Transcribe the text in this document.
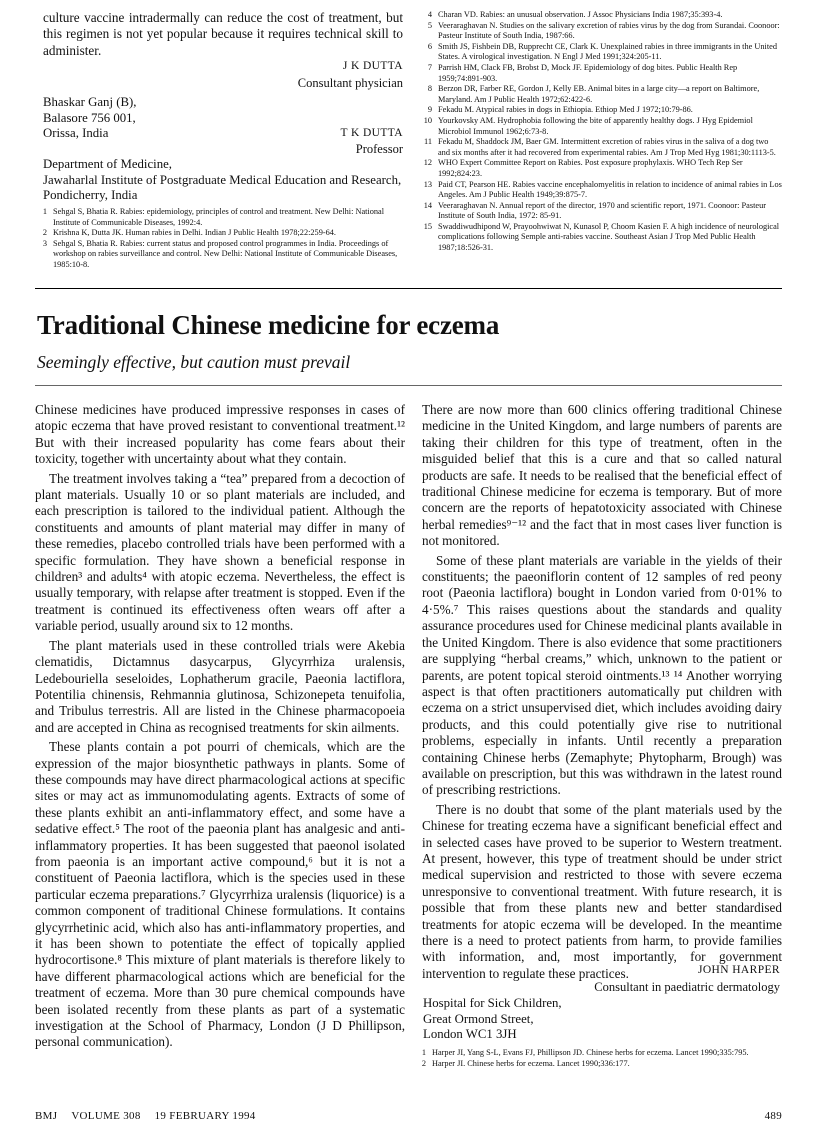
culture vaccine intradermally can reduce the cost of treatment, but this regimen is not yet popular because it requires technical skill to administer.

J K DUTTA
Consultant physician
Bhaskar Ganj (B),
Balasore 756 001,
Orissa, India	T K DUTTA
Professor
Department of Medicine,
Jawaharlal Institute of Postgraduate Medical Education and Research,
Pondicherry, India
1 Sehgal S, Bhatia R. Rabies: epidemiology, principles of control and treatment. New Delhi: National Institute of Communicable Diseases, 1992:4.
2 Krishna K, Dutta JK. Human rabies in Delhi. Indian J Public Health 1978;22:259-64.
3 Sehgal S, Bhatia R. Rabies: current status and proposed control programmes in India. Proceedings of workshop on rabies surveillance and control. New Delhi: National Institute of Communicable Diseases, 1985:10-8.
4 Charan VD. Rabies: an unusual observation. J Assoc Physicians India 1987;35:393-4.
5 Veeraraghavan N. Studies on the salivary excretion of rabies virus by the dog from Surandai. Coonoor: Pasteur Institute of South India, 1987:66.
6 Smith JS, Fishbein DB, Rupprecht CE, Clark K. Unexplained rabies in three immigrants in the United States. A virological investigation. N Engl J Med 1991;324:205-11.
7 Parrish HM, Clack FB, Brobst D, Mock JF. Epidemiology of dog bites. Public Health Rep 1959;74:891-903.
8 Berzon DR, Farber RE, Gordon J, Kelly EB. Animal bites in a large city—a report on Baltimore, Maryland. Am J Public Health 1972;62:422-6.
9 Fekadu M. Atypical rabies in dogs in Ethiopia. Ethiop Med J 1972;10:79-86.
10 Yourkovsky AM. Hydrophobia following the bite of apparently healthy dogs. J Hyg Epidemiol Microbiol Immunol 1962;6:73-8.
11 Fekadu M, Shaddock JM, Baer GM. Intermittent excretion of rabies virus in the saliva of a dog two and six months after it had recovered from experimental rabies. Am J Trop Med Hyg 1981;30:1113-5.
12 WHO Expert Committee Report on Rabies. Post exposure prophylaxis. WHO Tech Rep Ser 1992;824:23.
13 Paid CT, Pearson HE. Rabies vaccine encephalomyelitis in relation to incidence of animal rabies in Los Angeles. Am J Public Health 1949;39:875-7.
14 Veeraraghavan N. Annual report of the director, 1970 and scientific report, 1971. Coonoor: Pasteur Institute of South India, 1972: 85-91.
15 Swaddiwudhipond W, Prayoohwiwat N, Kunasol P, Choom Kasien F. A high incidence of neurological complications following Semple anti-rabies vaccine. Southeast Asian J Trop Med Public Health 1987;18:526-31.
Traditional Chinese medicine for eczema
Seemingly effective, but caution must prevail

Chinese medicines have produced impressive responses in cases of atopic eczema that have proved resistant to conventional treatment.¹² But with their increased popularity has come fears about their toxicity, together with uncertainty about what they contain.

The treatment involves taking a “tea” prepared from a decoction of plant materials. Usually 10 or so plant materials are included, and each prescription is tailored to the individual patient. Although the constituents and amounts of plant material may differ in many of these remedies, placebo controlled trials have been performed with a specific formulation. They have shown a beneficial response in children³ and adults⁴ with atopic eczema. Nevertheless, the effect is usually temporary, with relapse after treatment is stopped. Even if the treatment is continued its effectiveness often wears off after a variable period, usually around six to 12 months.

The plant materials used in these controlled trials were Akebia clematidis, Dictamnus dasycarpus, Glycyrrhiza uralensis, Ledebouriella seseloides, Lophatherum gracile, Paeonia lactiflora, Potentilia chinensis, Rehmannia glutinosa, Schizonepeta tenuifolia, and Tribulus terrestris. All are listed in the Chinese pharmacopoeia and are accepted in China as recognised treatments for skin ailments.

These plants contain a pot pourri of chemicals, which are the expression of the major biosynthetic pathways in plants. Some of these compounds may have direct pharmacological actions at specific sites or may act as immunomodulating agents. Extracts of some of these plants exhibit an anti-inflammatory effect, and some have a sedative effect.⁵ The root of the paeonia plant has analgesic and anti-inflammatory properties. It has been suggested that paeonol isolated from paeonia is an important active compound,⁶ but it is not a constituent of Paeonia lactiflora, which is the species used in these particular eczema preparations.⁷ Glycyrrhiza uralensis (liquorice) is a common component of traditional Chinese formulations. It contains glycyrrhetinic acid, which also has anti-inflammatory properties, and it has been shown to potentiate the effect of topically applied hydrocortisone.⁸ This mixture of plant materials is therefore likely to have different pharmacological actions which are beneficial for the treatment of eczema. More than 30 pure chemical compounds have been isolated recently from these plants as part of a systematic investigation at the School of Pharmacy, London (J D Phillipson, personal communication).

There are now more than 600 clinics offering traditional Chinese medicine in the United Kingdom, and large numbers of parents are taking their children for this type of treatment, often in the misguided belief that this is a cure and that so called natural products are safe. It needs to be realised that the beneficial effect of traditional Chinese medicine for eczema is temporary. But of more concern are the reports of hepatotoxicity associated with Chinese herbal remedies⁹⁻¹² and the fact that in most cases liver function is not monitored.

Some of these plant materials are variable in the yields of their constituents; the paeoniflorin content of 12 samples of red peony root (Paeonia lactiflora) bought in London varied from 0·01% to 4·5%.⁷ This raises questions about the standards and quality assurance procedures used for Chinese medicinal plants available in the United Kingdom. There is also evidence that some practitioners are supplying “herbal creams,” which, unknown to the patient or parents, are potent topical steroid ointments.¹³ ¹⁴ Another worrying aspect is that often practitioners automatically put children with eczema on a strict unsupervised diet, which includes avoiding dairy products, and this could potentially give rise to nutritional problems, especially in infants. Until recently a preparation containing Chinese herbs (Zemaphyte; Phytopharm, Brough) was available on prescription, but this was withdrawn in the latest round of prescribing restrictions.

There is no doubt that some of the plant materials used by the Chinese for treating eczema have a significant beneficial effect and in selected cases have proved to be superior to Western treatment. At present, however, this type of treatment should be under strict medical supervision and restricted to those with severe eczema unresponsive to conventional treatment. With future research, it is possible that from these plants new and better standardised treatments for atopic eczema will be developed. In the meantime there is a need to protect patients from harm, to provide families with information, and, most importantly, for government intervention to regulate these practices.	JOHN HARPER
Consultant in paediatric dermatology
Hospital for Sick Children,
Great Ormond Street,
London WC1 3JH
1 Harper JI, Yang S-L, Evans FJ, Phillipson JD. Chinese herbs for eczema. Lancet 1990;335:795.
2 Harper JI. Chinese herbs for eczema. Lancet 1990;336:177.
BMJ VOLUME 308 19 FEBRUARY 1994	489
